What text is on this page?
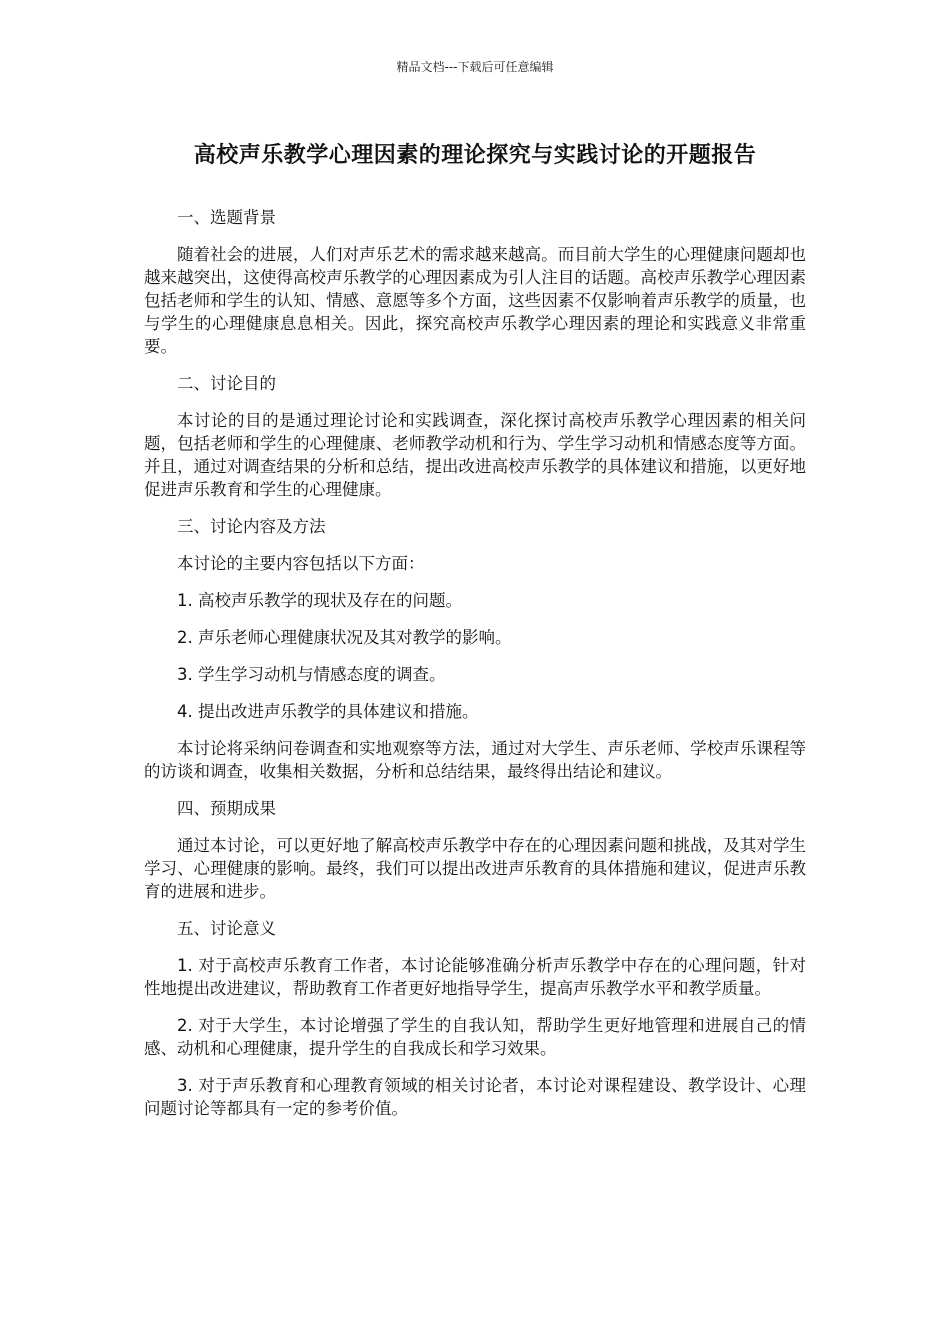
精品文档---下载后可任意编辑
高校声乐教学心理因素的理论探究与实践讨论的开题报告

一、选题背景

随着社会的进展，人们对声乐艺术的需求越来越高。而目前大学生的心理健康问题却也越来越突出，这使得高校声乐教学的心理因素成为引人注目的话题。高校声乐教学心理因素包括老师和学生的认知、情感、意愿等多个方面，这些因素不仅影响着声乐教学的质量，也与学生的心理健康息息相关。因此，探究高校声乐教学心理因素的理论和实践意义非常重要。

二、讨论目的

本讨论的目的是通过理论讨论和实践调查，深化探讨高校声乐教学心理因素的相关问题，包括老师和学生的心理健康、老师教学动机和行为、学生学习动机和情感态度等方面。并且，通过对调查结果的分析和总结，提出改进高校声乐教学的具体建议和措施，以更好地促进声乐教育和学生的心理健康。

三、讨论内容及方法

本讨论的主要内容包括以下方面：

1. 高校声乐教学的现状及存在的问题。

2. 声乐老师心理健康状况及其对教学的影响。

3. 学生学习动机与情感态度的调查。

4. 提出改进声乐教学的具体建议和措施。

本讨论将采纳问卷调查和实地观察等方法，通过对大学生、声乐老师、学校声乐课程等的访谈和调查，收集相关数据，分析和总结结果，最终得出结论和建议。

四、预期成果

通过本讨论，可以更好地了解高校声乐教学中存在的心理因素问题和挑战，及其对学生学习、心理健康的影响。最终，我们可以提出改进声乐教育的具体措施和建议，促进声乐教育的进展和进步。

五、讨论意义

1. 对于高校声乐教育工作者，本讨论能够准确分析声乐教学中存在的心理问题，针对性地提出改进建议，帮助教育工作者更好地指导学生，提高声乐教学水平和教学质量。

2. 对于大学生，本讨论增强了学生的自我认知，帮助学生更好地管理和进展自己的情感、动机和心理健康，提升学生的自我成长和学习效果。

3. 对于声乐教育和心理教育领域的相关讨论者，本讨论对课程建设、教学设计、心理问题讨论等都具有一定的参考价值。
